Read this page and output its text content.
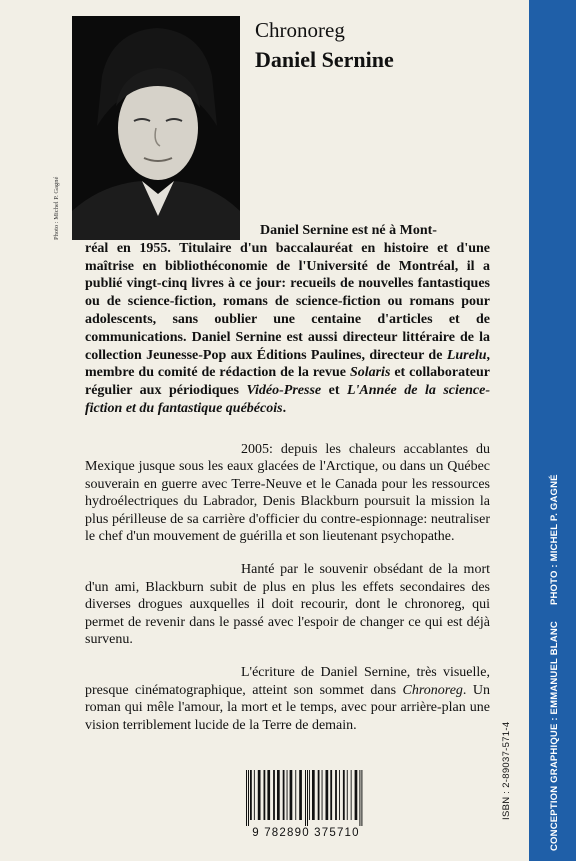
Photo : Michel P. Gagné
Chronoreg
Daniel Sernine
Daniel Sernine est né à Mont-

réal en 1955. Titulaire d'un baccalauréat en histoire et d'une maîtrise en bibliothéconomie de l'Université de Montréal, il a publié vingt-cinq livres à ce jour: recueils de nouvelles fantastiques ou de science-fiction, romans de science-fiction ou romans pour adolescents, sans oublier une centaine d'articles et de communications. Daniel Sernine est aussi directeur littéraire de la collection Jeunesse-Pop aux Éditions Paulines, directeur de Lurelu, membre du comité de rédaction de la revue Solaris et collaborateur régulier aux périodiques Vidéo-Presse et L'Année de la science-fiction et du fantastique québécois.

2005: depuis les chaleurs accablantes du Mexique jusque sous les eaux glacées de l'Arctique, ou dans un Québec souverain en guerre avec Terre-Neuve et le Canada pour les ressources hydroélectriques du Labrador, Denis Blackburn poursuit la mission la plus périlleuse de sa carrière d'officier du contre-espionnage: neutraliser le chef d'un mouvement de guérilla et son lieutenant psychopathe.

Hanté par le souvenir obsédant de la mort d'un ami, Blackburn subit de plus en plus les effets secondaires des diverses drogues auxquelles il doit recourir, dont le chronoreg, qui permet de revenir dans le passé avec l'espoir de changer ce qui est déjà survenu.

L'écriture de Daniel Sernine, très visuelle, presque cinématographique, atteint son sommet dans Chronoreg. Un roman qui mêle l'amour, la mort et le temps, avec pour arrière-plan une vision terriblement lucide de la Terre de demain.

9 782890 375710
ISBN : 2-89037-571-4	CONCEPTION GRAPHIQUE : EMMANUEL BLANCPHOTO : MICHEL P. GAGNÉ
